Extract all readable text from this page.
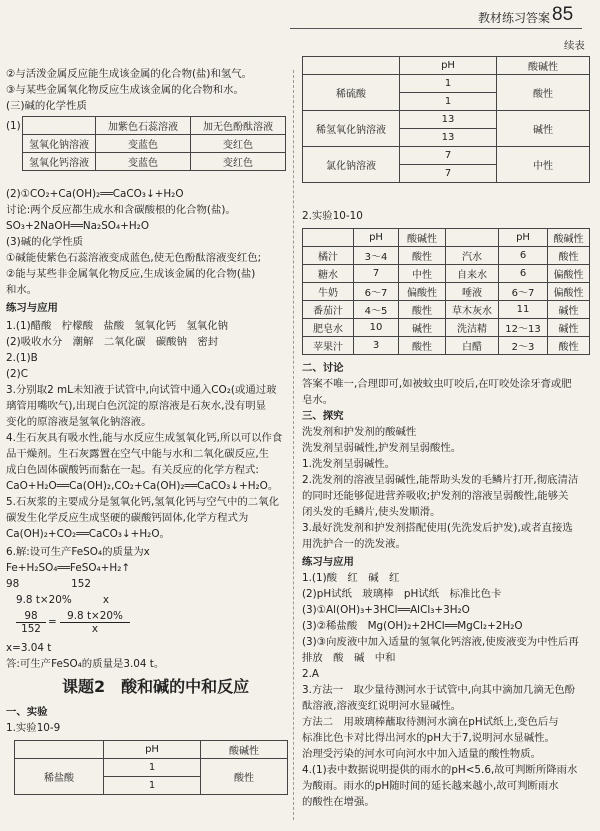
教材练习答案 85
②与活泼金属反应能生成该金属的化合物(盐)和氢气。
③与某些金属氧化物反应生成该金属的化合物和水。
(三)碱的化学性质
(1)
		加紫色石蕊溶液	加无色酚酞溶液
氢氧化钠溶液	变蓝色	变红色
氢氧化钙溶液	变蓝色	变红色
(2)①CO₂+Ca(OH)₂══CaCO₃↓+H₂O
讨论:两个反应都生成水和含碳酸根的化合物(盐)。
SO₃+2NaOH══Na₂SO₄+H₂O
(3)碱的化学性质
①碱能使紫色石蕊溶液变成蓝色,使无色酚酞溶液变红色;
②能与某些非金属氧化物反应,生成该金属的化合物(盐)
和水。
练习与应用
1.(1)醋酸　柠檬酸　盐酸　氢氧化钙　氢氧化钠
(2)吸收水分　潮解　二氧化碳　碳酸钠　密封
2.(1)B
(2)C
3.分别取2 mL未知液于试管中,向试管中通入CO₂(或通过玻
璃管用嘴吹气),出现白色沉淀的原溶液是石灰水,没有明显
变化的原溶液是氢氧化钠溶液。
4.生石灰具有吸水性,能与水反应生成氢氧化钙,所以可以作食
品干燥剂。生石灰露置在空气中能与水和二氧化碳反应,生
成白色固体碳酸钙而黏在一起。有关反应的化学方程式:
CaO+H₂O══Ca(OH)₂,CO₂+Ca(OH)₂══CaCO₃↓+H₂O。
5.石灰浆的主要成分是氢氧化钙,氢氧化钙与空气中的二氧化
碳发生化学反应生成坚硬的碳酸钙固体,化学方程式为
Ca(OH)₂+CO₂══CaCO₃↓+H₂O。
6.解:设可生产FeSO₄的质量为x
Fe+H₂SO₄══FeSO₄+H₂↑
98　　　　　152
9.8 t×20%　　　x
$\frac{98}{152} = \frac{9.8 t\times 20\%}{x}$
x=3.04 t
答:可生产FeSO₄的质量是3.04 t。
课题2　酸和碱的中和反应
一、实验
1.实验10-9
	pH	酸碱性
稀盐酸	1	酸性
	1	
续表
	pH	酸碱性
稀硫酸	1	酸性
	1	
稀氢氧化钠溶液	13	碱性
	13	
氯化钠溶液	7	中性
	7	
2.实验10-10
	pH	酸碱性		pH	酸碱性
橘汁	3～4	酸性	汽水	6	酸性
糖水	7	中性	自来水	6	偏酸性
牛奶	6～7	偏酸性	唾液	6～7	偏酸性
番茄汁	4～5	酸性	草木灰水	11	碱性
肥皂水	10	碱性	洗洁精	12～13	碱性
苹果汁	3	酸性	白醋	2～3	酸性
二、讨论
答案不唯一,合理即可,如被蚊虫叮咬后,在叮咬处涂牙膏或肥
皂水。
三、探究
洗发剂和护发剂的酸碱性
洗发剂呈弱碱性,护发剂呈弱酸性。
1.洗发剂呈弱碱性。
2.洗发剂的溶液呈弱碱性,能帮助头发的毛鳞片打开,彻底清洁
的同时还能够促进营养吸收;护发剂的溶液呈弱酸性,能够关
闭头发的毛鳞片,使头发顺滑。
3.最好洗发剂和护发剂搭配使用(先洗发后护发),或者直接选
用洗护合一的洗发液。
练习与应用
1.(1)酸　红　碱　红
(2)pH试纸　玻璃棒　pH试纸　标准比色卡
(3)①Al(OH)₃+3HCl══AlCl₃+3H₂O
(3)②稀盐酸　Mg(OH)₂+2HCl══MgCl₂+2H₂O
(3)③向废液中加入适量的氢氧化钙溶液,使废液变为中性后再
排放　酸　碱　中和
2.A
3.方法一　取少量待测河水于试管中,向其中滴加几滴无色酚
酞溶液,溶液变红说明河水显碱性。
方法二　用玻璃棒蘸取待测河水滴在pH试纸上,变色后与
标准比色卡对比得出河水的pH大于7,说明河水显碱性。
治理受污染的河水可向河水中加入适量的酸性物质。
4.(1)表中数据说明提供的雨水的pH<5.6,故可判断所降雨水
为酸雨。雨水的pH随时间的延长越来越小,故可判断雨水
的酸性在增强。
